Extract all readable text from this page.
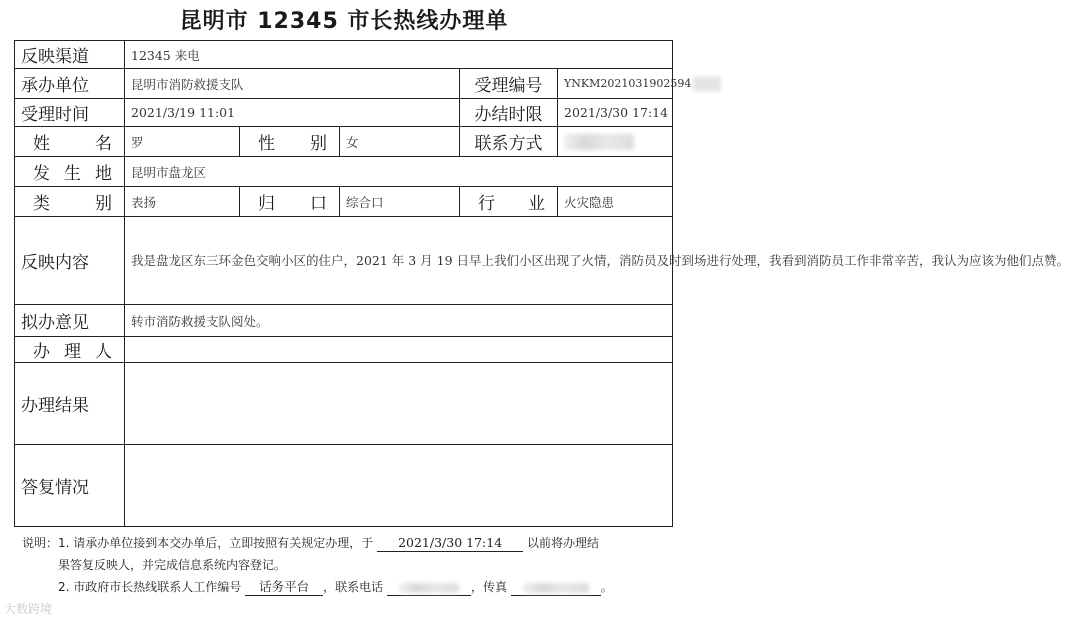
昆明市 12345 市长热线办理单
反映渠道	12345 来电				
承办单位	昆明市消防救援支队			受理编号	YNKM2021031902594
受理时间	2021/3/19 11:01			办结时限	2021/3/30 17:14
姓名	罗	性别	女	联系方式	
发生地	昆明市盘龙区				
类别	表扬	归口	综合口	行业	火灾隐患
反映内容	我是盘龙区东三环金色交响小区的住户，2021 年 3 月 19 日早上我们小区出现了火情，消防员及时到场进行处理，我看到消防员工作非常辛苦，我认为应该为他们点赞。				
拟办意见	转市消防救援支队阅处。				
办理人					
办理结果					
答复情况					
说明：1. 请承办单位接到本交办单后，立即按照有关规定办理，于 2021/3/30 17:14 以前将办理结
果答复反映人，并完成信息系统内容登记。
2. 市政府市长热线联系人工作编号 话务平台 ，联系电话	，传真	。
大数跨境
